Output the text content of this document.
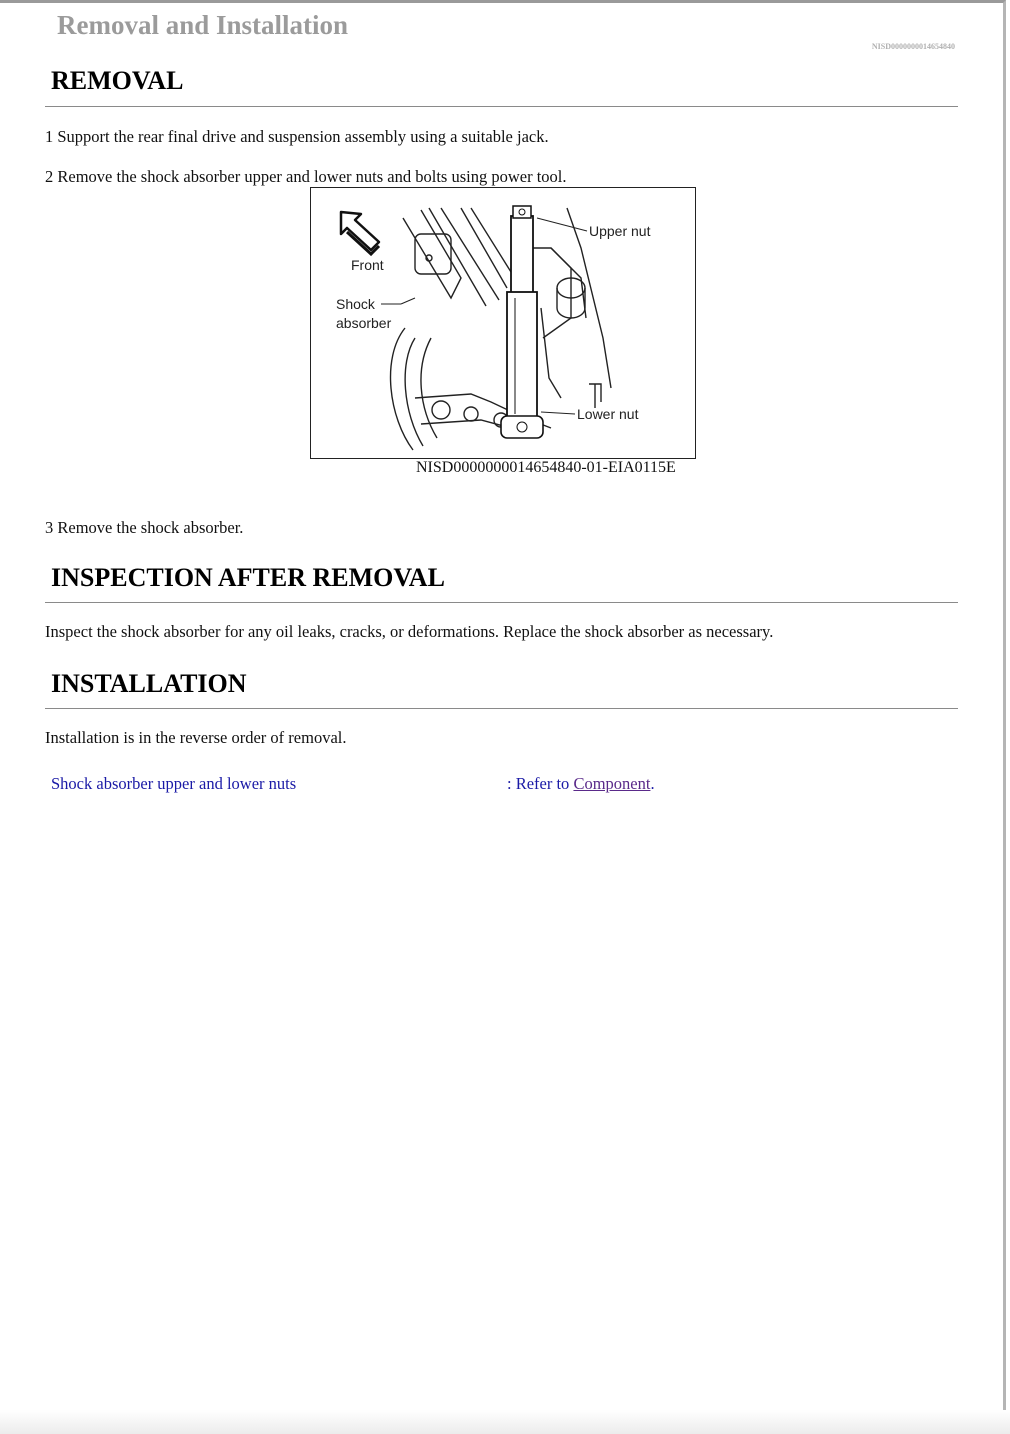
Removal and Installation
NISD0000000014654840
REMOVAL

1 Support the rear final drive and suspension assembly using a suitable jack.

2 Remove the shock absorber upper and lower nuts and bolts using power tool.

Front
Shock
absorber
Upper nut
Lower nut
NISD0000000014654840-01-EIA0115E

3 Remove the shock absorber.

INSPECTION AFTER REMOVAL

Inspect the shock absorber for any oil leaks, cracks, or deformations. Replace the shock absorber as necessary.

INSTALLATION

Installation is in the reverse order of removal.

Shock absorber upper and lower nuts	: Refer to Component.
